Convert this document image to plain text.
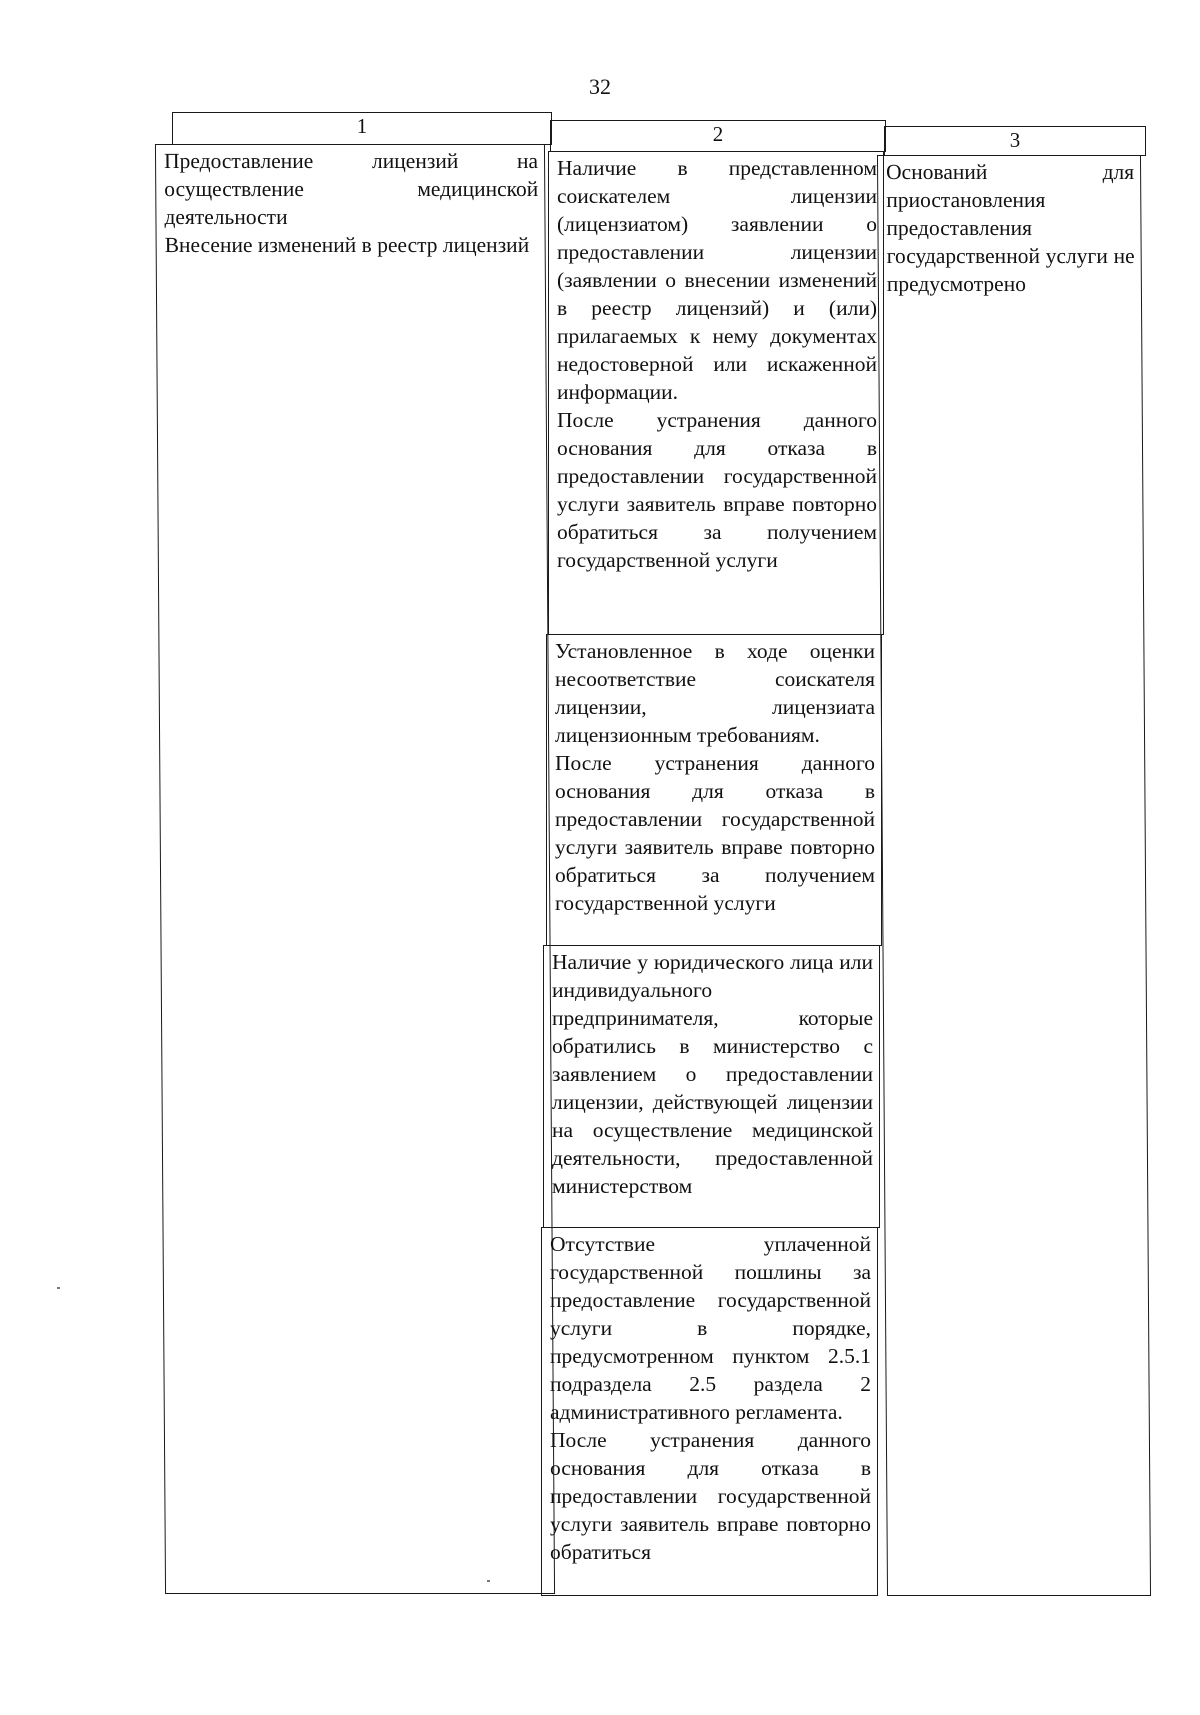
32
1	2	3

Предоставление лицензий на осуществление медицинской деятельности

Внесение изменений в реестр лицензий

Наличие в представленном соискателем лицензии (лицензиатом) заявлении о предоставлении лицензии (заявлении о внесении изменений в реестр лицензий) и (или) прилагаемых к нему документах недостоверной или искаженной информации.

После устранения данного основания для отказа в предоставлении государственной услуги заявитель вправе повторно обратиться за получением государственной услуги

Установленное в ходе оценки несоответствие соискателя лицензии, лицензиата лицензионным требованиям.

После устранения данного основания для отказа в предоставлении государственной услуги заявитель вправе повторно обратиться за получением государственной услуги

Наличие у юридического лица или индивидуального предпринимателя, которые обратились в министерство с заявлением о предоставлении лицензии, действующей лицензии на осуществление медицинской деятельности, предоставленной министерством

Отсутствие уплаченной государственной пошлины за предоставление государственной услуги в порядке, предусмотренном пунктом 2.5.1 подраздела 2.5 раздела 2 административного регламента.

После устранения данного основания для отказа в предоставлении государственной услуги заявитель вправе повторно обратиться

Оснований для приостановления предоставления государственной услуги не предусмотрено
